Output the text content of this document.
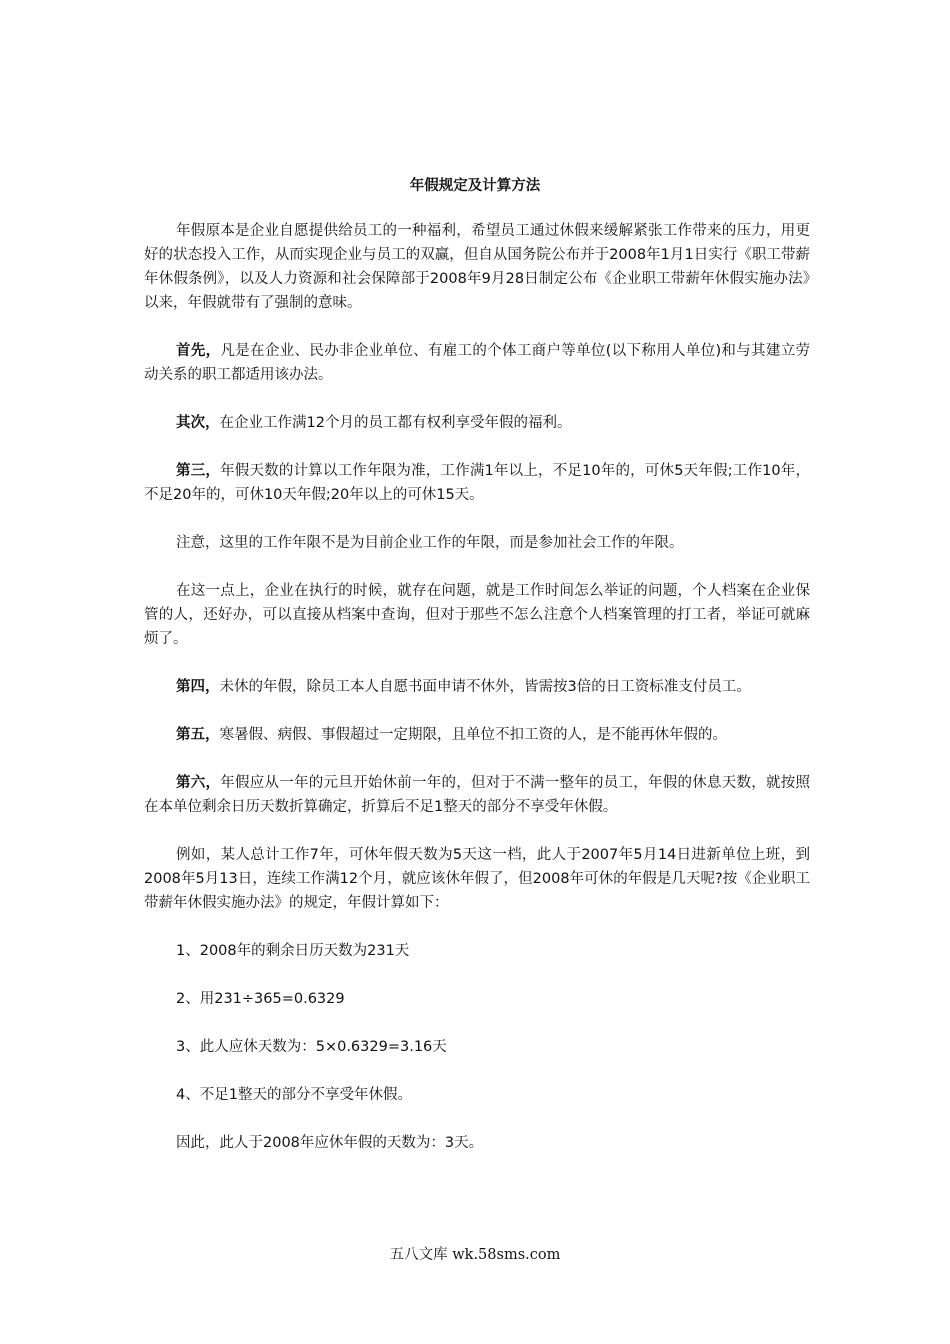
年假规定及计算方法

年假原本是企业自愿提供给员工的一种福利，希望员工通过休假来缓解紧张工作带来的压力，用更好的状态投入工作，从而实现企业与员工的双赢，但自从国务院公布并于2008年1月1日实行《职工带薪年休假条例》，以及人力资源和社会保障部于2008年9月28日制定公布《企业职工带薪年休假实施办法》以来，年假就带有了强制的意味。

首先，凡是在企业、民办非企业单位、有雇工的个体工商户等单位(以下称用人单位)和与其建立劳动关系的职工都适用该办法。

其次，在企业工作满12个月的员工都有权利享受年假的福利。

第三，年假天数的计算以工作年限为准，工作满1年以上，不足10年的，可休5天年假;工作10年，不足20年的，可休10天年假;20年以上的可休15天。

注意，这里的工作年限不是为目前企业工作的年限，而是参加社会工作的年限。

在这一点上，企业在执行的时候，就存在问题，就是工作时间怎么举证的问题，个人档案在企业保管的人，还好办，可以直接从档案中查询，但对于那些不怎么注意个人档案管理的打工者，举证可就麻烦了。

第四，未休的年假，除员工本人自愿书面申请不休外，皆需按3倍的日工资标准支付员工。

第五，寒暑假、病假、事假超过一定期限，且单位不扣工资的人，是不能再休年假的。

第六，年假应从一年的元旦开始休前一年的，但对于不满一整年的员工，年假的休息天数，就按照在本单位剩余日历天数折算确定，折算后不足1整天的部分不享受年休假。

例如，某人总计工作7年，可休年假天数为5天这一档，此人于2007年5月14日进新单位上班，到2008年5月13日，连续工作满12个月，就应该休年假了，但2008年可休的年假是几天呢?按《企业职工带薪年休假实施办法》的规定，年假计算如下：

1、2008年的剩余日历天数为231天

2、用231÷365=0.6329

3、此人应休天数为：5×0.6329=3.16天

4、不足1整天的部分不享受年休假。

因此，此人于2008年应休年假的天数为：3天。

五八文库 wk.58sms.com
